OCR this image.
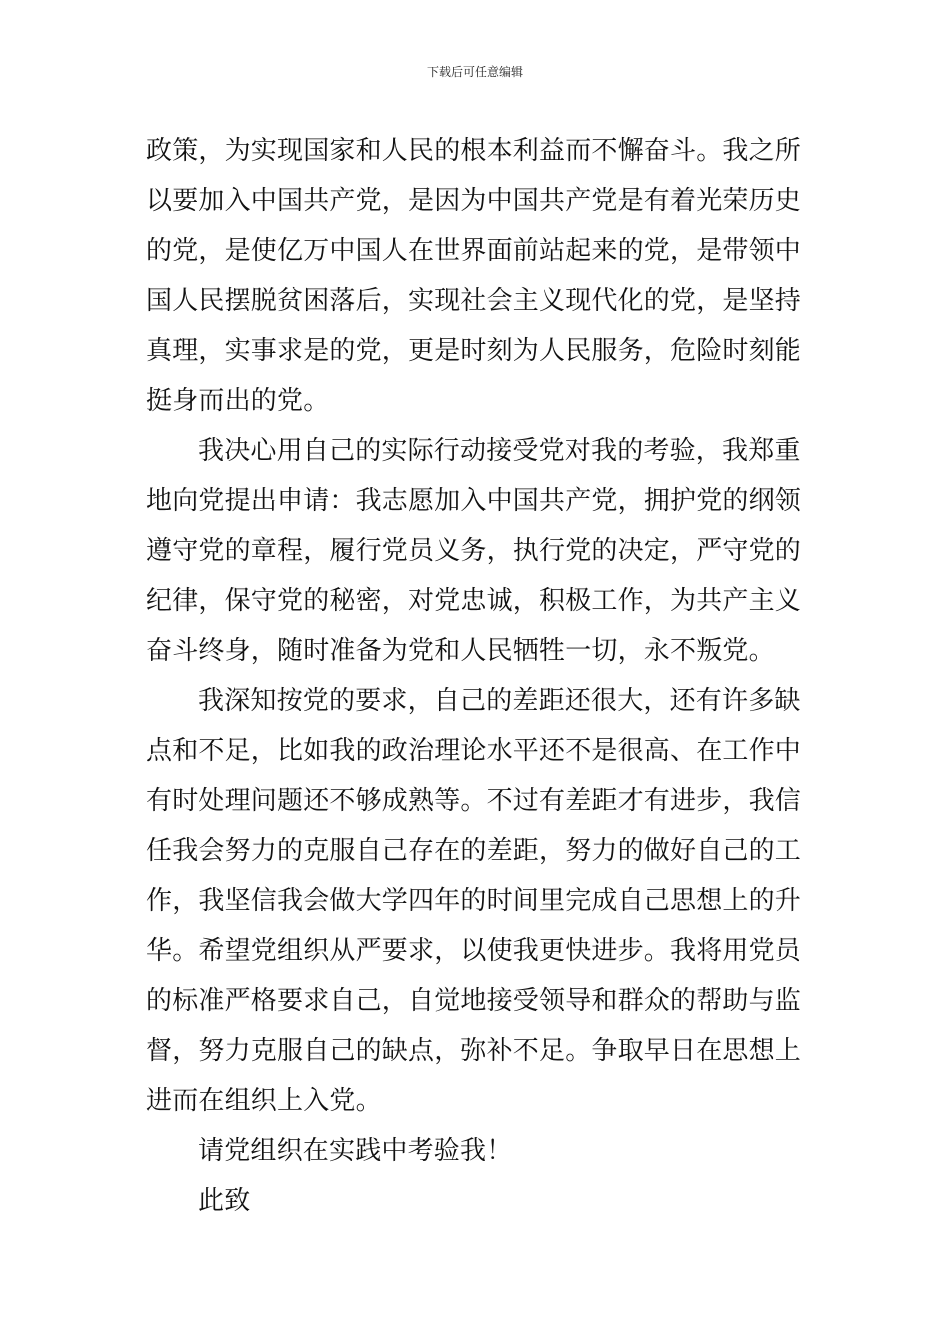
下载后可任意编辑
政策，为实现国家和人民的根本利益而不懈奋斗。我之所
以要加入中国共产党，是因为中国共产党是有着光荣历史
的党，是使亿万中国人在世界面前站起来的党，是带领中
国人民摆脱贫困落后，实现社会主义现代化的党，是坚持
真理，实事求是的党，更是时刻为人民服务，危险时刻能
挺身而出的党。
我决心用自己的实际行动接受党对我的考验，我郑重
地向党提出申请：我志愿加入中国共产党，拥护党的纲领
遵守党的章程，履行党员义务，执行党的决定，严守党的
纪律，保守党的秘密，对党忠诚，积极工作，为共产主义
奋斗终身，随时准备为党和人民牺牲一切，永不叛党。
我深知按党的要求，自己的差距还很大，还有许多缺
点和不足，比如我的政治理论水平还不是很高、在工作中
有时处理问题还不够成熟等。不过有差距才有进步，我信
任我会努力的克服自己存在的差距，努力的做好自己的工
作，我坚信我会做大学四年的时间里完成自己思想上的升
华。希望党组织从严要求，以使我更快进步。我将用党员
的标准严格要求自己，自觉地接受领导和群众的帮助与监
督，努力克服自己的缺点，弥补不足。争取早日在思想上
进而在组织上入党。
请党组织在实践中考验我！
此致
